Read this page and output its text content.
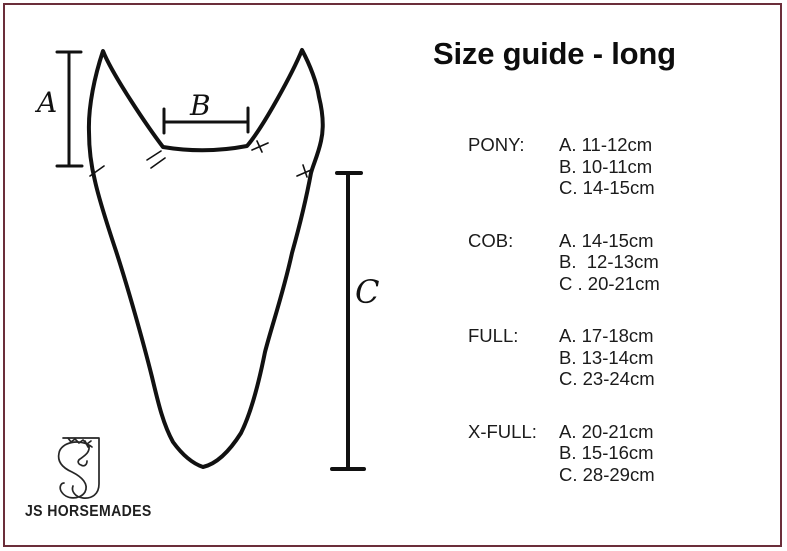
A	B
C
Size guide - long
PONY:	A. 11-12cm
B. 10-11cm
C. 14-15cm
COB:	A. 14-15cm
B.  12-13cm
C . 20-21cm
FULL:	A. 17-18cm
B. 13-14cm
C. 23-24cm
X-FULL:	A. 20-21cm
B. 15-16cm
C. 28-29cm
JS HORSEMADES
